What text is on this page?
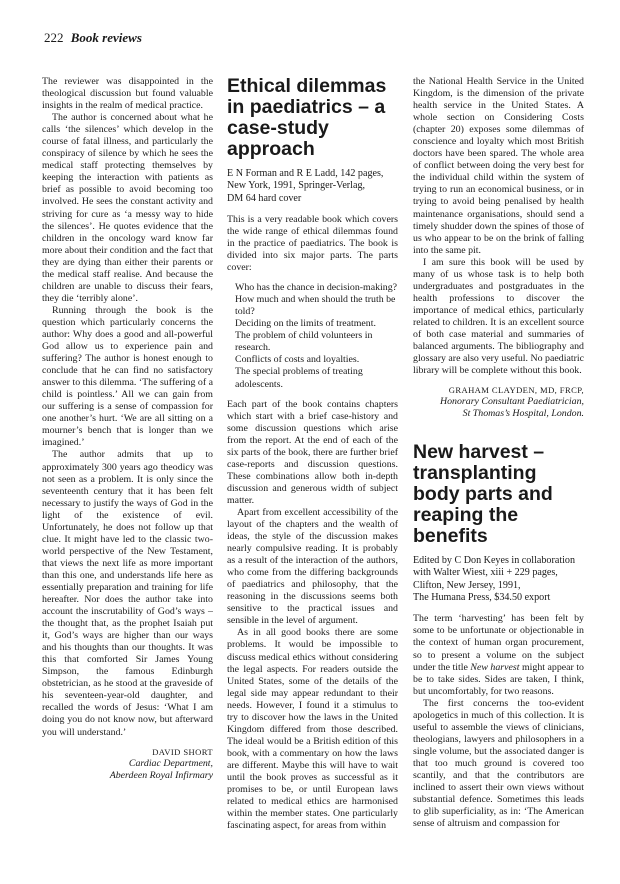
222 Book reviews

The reviewer was disappointed in the theological discussion but found valuable insights in the realm of medical practice.

The author is concerned about what he calls ‘the silences’ which develop in the course of fatal illness, and particularly the conspiracy of silence by which he sees the medical staff protecting themselves by keeping the interaction with patients as brief as possible to avoid becoming too involved. He sees the constant activity and striving for cure as ‘a messy way to hide the silences’. He quotes evidence that the children in the oncology ward know far more about their condition and the fact that they are dying than either their parents or the medical staff realise. And because the children are unable to discuss their fears, they die ‘terribly alone’.

Running through the book is the question which particularly concerns the author: Why does a good and all-powerful God allow us to experience pain and suffering? The author is honest enough to conclude that he can find no satisfactory answer to this dilemma. ‘The suffering of a child is pointless.’ All we can gain from our suffering is a sense of compassion for one another’s hurt. ‘We are all sitting on a mourner’s bench that is longer than we imagined.’

The author admits that up to approximately 300 years ago theodicy was not seen as a problem. It is only since the seventeenth century that it has been felt necessary to justify the ways of God in the light of the existence of evil. Unfortunately, he does not follow up that clue. It might have led to the classic two-world perspective of the New Testament, that views the next life as more important than this one, and understands life here as essentially preparation and training for life hereafter. Nor does the author take into account the inscrutability of God’s ways – the thought that, as the prophet Isaiah put it, God’s ways are higher than our ways and his thoughts than our thoughts. It was this that comforted Sir James Young Simpson, the famous Edinburgh obstetrician, as he stood at the graveside of his seventeen-year-old daughter, and recalled the words of Jesus: ‘What I am doing you do not know now, but afterward you will understand.’

DAVID SHORT
Cardiac Department,
Aberdeen Royal Infirmary
Ethical dilemmas in paediatrics – a case-study approach
E N Forman and R E Ladd, 142 pages,
New York, 1991, Springer-Verlag,
DM 64 hard cover

This is a very readable book which covers the wide range of ethical dilemmas found in the practice of paediatrics. The book is divided into six major parts. The parts cover:

Who has the chance in decision-making?
How much and when should the truth be told?
Deciding on the limits of treatment.
The problem of child volunteers in research.
Conflicts of costs and loyalties.
The special problems of treating adolescents.

Each part of the book contains chapters which start with a brief case-history and some discussion questions which arise from the report. At the end of each of the six parts of the book, there are further brief case-reports and discussion questions. These combinations allow both in-depth discussion and generous width of subject matter.

Apart from excellent accessibility of the layout of the chapters and the wealth of ideas, the style of the discussion makes nearly compulsive reading. It is probably as a result of the interaction of the authors, who come from the differing backgrounds of paediatrics and philosophy, that the reasoning in the discussions seems both sensitive to the practical issues and sensible in the level of argument.

As in all good books there are some problems. It would be impossible to discuss medical ethics without considering the legal aspects. For readers outside the United States, some of the details of the legal side may appear redundant to their needs. However, I found it a stimulus to try to discover how the laws in the United Kingdom differed from those described. The ideal would be a British edition of this book, with a commentary on how the laws are different. Maybe this will have to wait until the book proves as successful as it promises to be, or until European laws related to medical ethics are harmonised within the member states. One particularly fascinating aspect, for areas from within

the National Health Service in the United Kingdom, is the dimension of the private health service in the United States. A whole section on Considering Costs (chapter 20) exposes some dilemmas of conscience and loyalty which most British doctors have been spared. The whole area of conflict between doing the very best for the individual child within the system of trying to run an economical business, or in trying to avoid being penalised by health maintenance organisations, should send a timely shudder down the spines of those of us who appear to be on the brink of falling into the same pit.

I am sure this book will be used by many of us whose task is to help both undergraduates and postgraduates in the health professions to discover the importance of medical ethics, particularly related to children. It is an excellent source of both case material and summaries of balanced arguments. The bibliography and glossary are also very useful. No paediatric library will be complete without this book.

GRAHAM CLAYDEN, MD, FRCP,
Honorary Consultant Paediatrician,
St Thomas’s Hospital, London.
New harvest – transplanting body parts and reaping the benefits
Edited by C Don Keyes in collaboration
with Walter Wiest, xiii + 229 pages,
Clifton, New Jersey, 1991,
The Humana Press, $34.50 export

The term ‘harvesting’ has been felt by some to be unfortunate or objectionable in the context of human organ procurement, so to present a volume on the subject under the title New harvest might appear to be to take sides. Sides are taken, I think, but uncomfortably, for two reasons.

The first concerns the too-evident apologetics in much of this collection. It is useful to assemble the views of clinicians, theologians, lawyers and philosophers in a single volume, but the associated danger is that too much ground is covered too scantily, and that the contributors are inclined to assert their own views without substantial defence. Sometimes this leads to glib superficiality, as in: ‘The American sense of altruism and compassion for
